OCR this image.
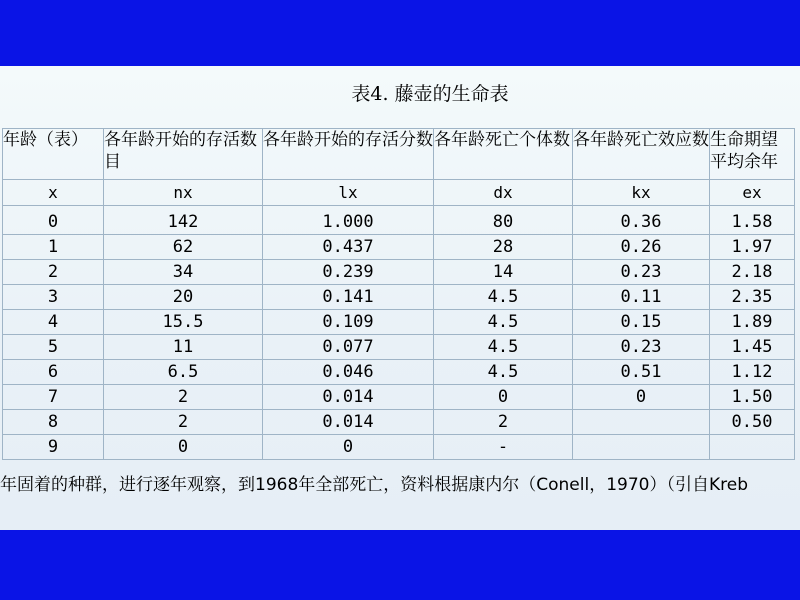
表4. 藤壶的生命表
年龄（表）	各年龄开始的存活数目	各年龄开始的存活分数	各年龄死亡个体数	各年龄死亡效应数	生命期望平均余年
x	nx	lx	dx	kx	ex
0	142	1.000	80	0.36	1.58
1	62	0.437	28	0.26	1.97
2	34	0.239	14	0.23	2.18
3	20	0.141	4.5	0.11	2.35
4	15.5	0.109	4.5	0.15	1.89
5	11	0.077	4.5	0.23	1.45
6	6.5	0.046	4.5	0.51	1.12
7	2	0.014	0	0	1.50
8	2	0.014	2		0.50
9	0	0	-		
年固着的种群，进行逐年观察，到1968年全部死亡，资料根据康内尔（Conell，1970）（引自Kreb
